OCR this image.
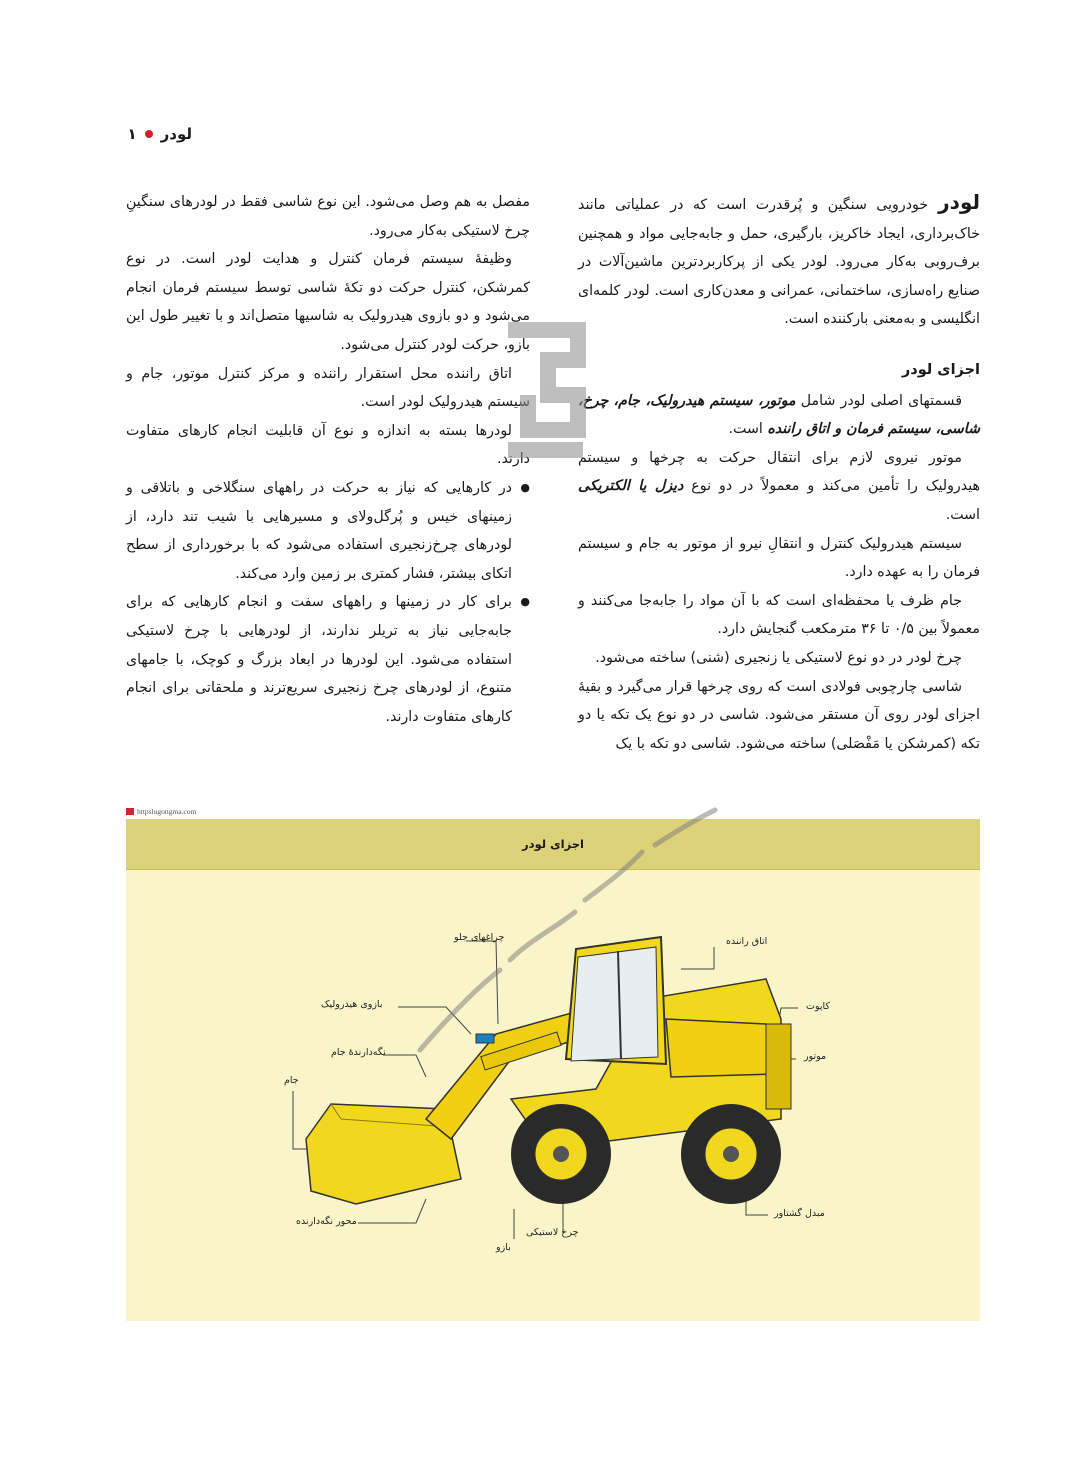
لودر
۱

لودرخودرویی سنگین و پُرقدرت است که در عملیاتی مانند خاک‌برداری، ایجاد خاکریز، بارگیری، حمل و جابه‌جایی مواد و همچنین برف‌روبی به‌کار می‌رود. لودر یکی از پرکاربردترین ماشین‌آلات در صنایع راه‌سازی، ساختمانی، عمرانی و معدن‌کاری است. لودر کلمه‌ای انگلیسی و به‌معنی بارکننده است.

اجزای لودر

قسمتهای اصلی لودر شامل موتور، سیستم هیدرولیک، جام، چرخ، شاسی، سیستم فرمان و اتاق راننده است.

موتور نیروی لازم برای انتقال حرکت به چرخها و سیستم هیدرولیک را تأمین می‌کند و معمولاً در دو نوع دیزل یا الکتریکی است.

سیستم هیدرولیک کنترل و انتقالِ نیرو از موتور به جام و سیستم فرمان را به عهده دارد.

جام ظرف یا محفظه‌ای است که با آن مواد را جابه‌جا می‌کنند و معمولاً بین ۰/۵ تا ۳۶ مترمکعب گنجایش دارد.

چرخ لودر در دو نوع لاستیکی یا زنجیری (شنی) ساخته می‌شود.

شاسی چارچوبی فولادی است که روی چرخها قرار می‌گیرد و بقیهٔ اجزای لودر روی آن مستقر می‌شود. شاسی در دو نوع یک تکه یا دو تکه (کمرشکن یا مَفْصَلی) ساخته می‌شود. شاسی دو تکه با یک

مفصل به هم وصل می‌شود. این نوع شاسی فقط در لودرهای سنگینِ چرخ لاستیکی به‌کار می‌رود.

وظیفهٔ سیستم فرمان کنترل و هدایت لودر است. در نوع کمرشکن، کنترل حرکت دو تکهٔ شاسی توسط سیستم فرمان انجام می‌شود و دو بازوی هیدرولیک به شاسیها متصل‌اند و با تغییر طول این بازو، حرکت لودر کنترل می‌شود.

اتاق راننده محل استقرار راننده و مرکز کنترل موتور، جام و سیستم هیدرولیک لودر است.

لودرها بسته به اندازه و نوع آن قابلیت انجام کارهای متفاوت دارند.

● در کارهایی که نیاز به حرکت در راههای سنگلاخی و باتلاقی و زمینهای خیس و پُرگل‌ولای و مسیرهایی با شیب تند دارد، از لودرهای چرخ‌زنجیری استفاده می‌شود که با برخورداری از سطح اتکای بیشتر، فشار کمتری بر زمین وارد می‌کند.

● برای کار در زمینها و راههای سفت و انجام کارهایی که برای جابه‌جایی نیاز به تریلر ندارند، از لودرهایی با چرخ لاستیکی استفاده می‌شود. این لودرها در ابعاد بزرگ و کوچک، با جامهای متنوع، از لودرهای چرخ زنجیری سریع‌ترند و ملحقاتی برای انجام کارهای متفاوت دارند.

httpslugongma.com
اجزای لودر
اتاق راننده
چراغهای جلو
کاپوت
بازوی هیدرولیک
نگه‌دارندهٔ جام	موتور
جام
مبدل گشتاور
محور نگه‌دارنده
چرخ لاستیکی
بازو
